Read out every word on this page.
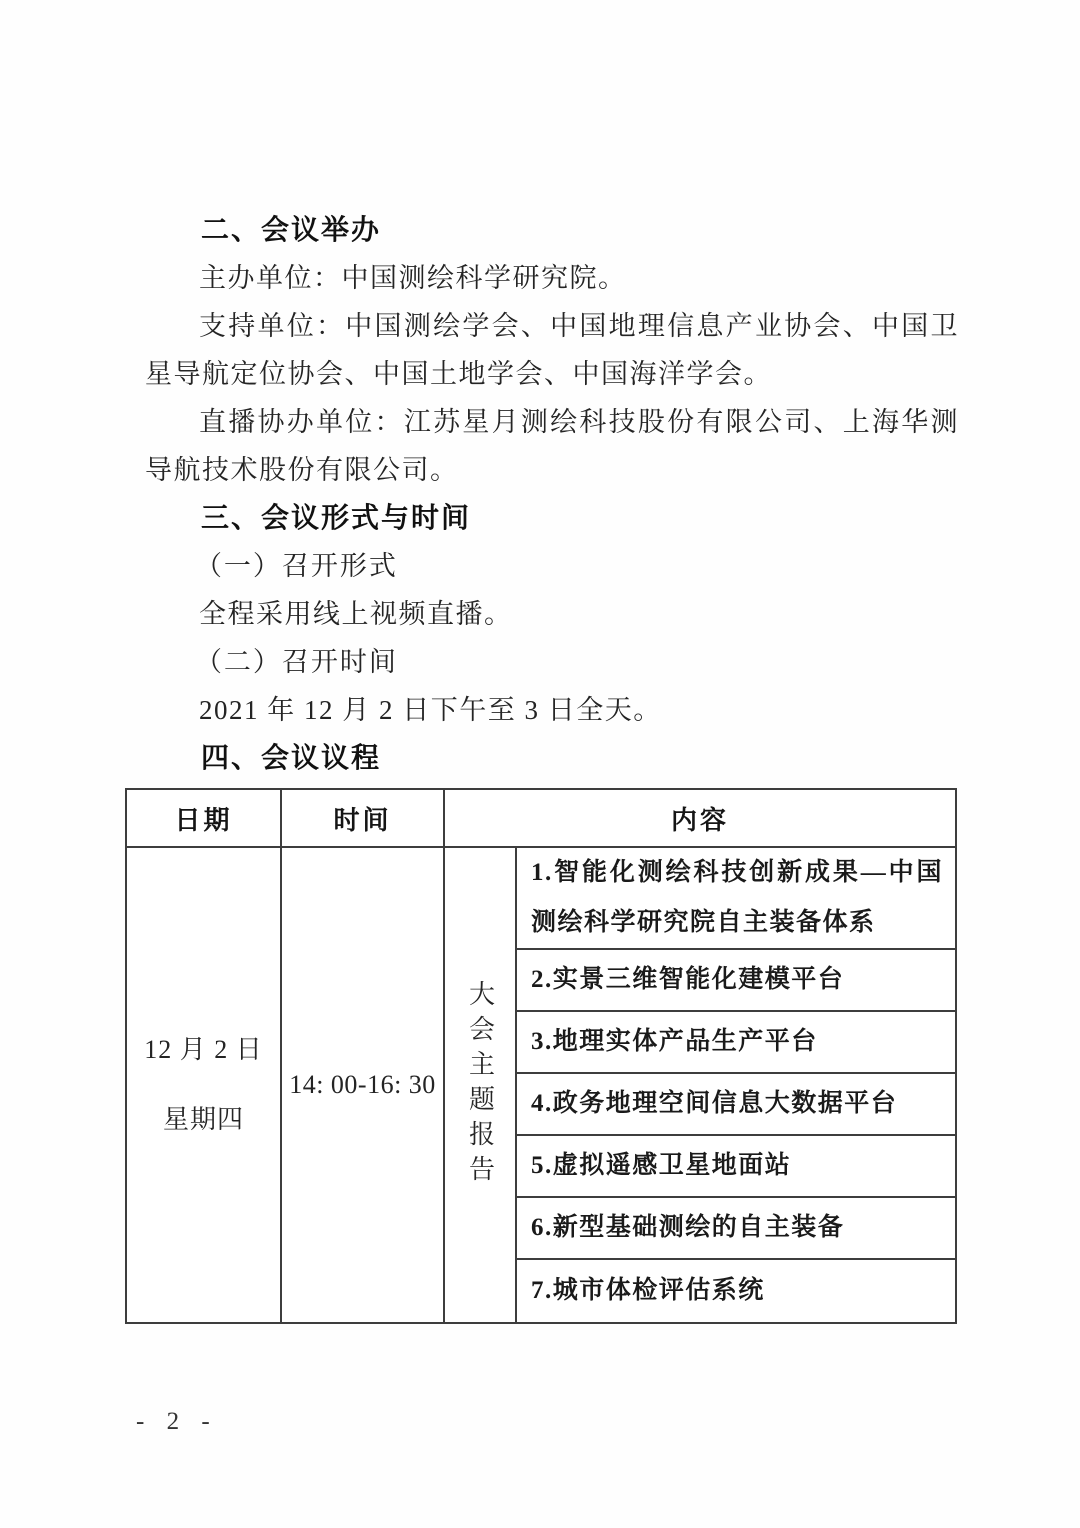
二、会议举办

主办单位：中国测绘科学研究院。

支持单位：中国测绘学会、中国地理信息产业协会、中国卫星导航定位协会、中国土地学会、中国海洋学会。

直播协办单位：江苏星月测绘科技股份有限公司、上海华测导航技术股份有限公司。

三、会议形式与时间

（一）召开形式

全程采用线上视频直播。

（二）召开时间

2021 年 12 月 2 日下午至 3 日全天。

四、会议议程
日期	时间	内容
12 月 2 日
星期四
14: 00-16: 30 大会主题报告
1.智能化测绘科技创新成果—中国测绘科学研究院自主装备体系
2.实景三维智能化建模平台
3.地理实体产品生产平台
4.政务地理空间信息大数据平台
5.虚拟遥感卫星地面站
6.新型基础测绘的自主装备
7.城市体检评估系统
- 2 -
